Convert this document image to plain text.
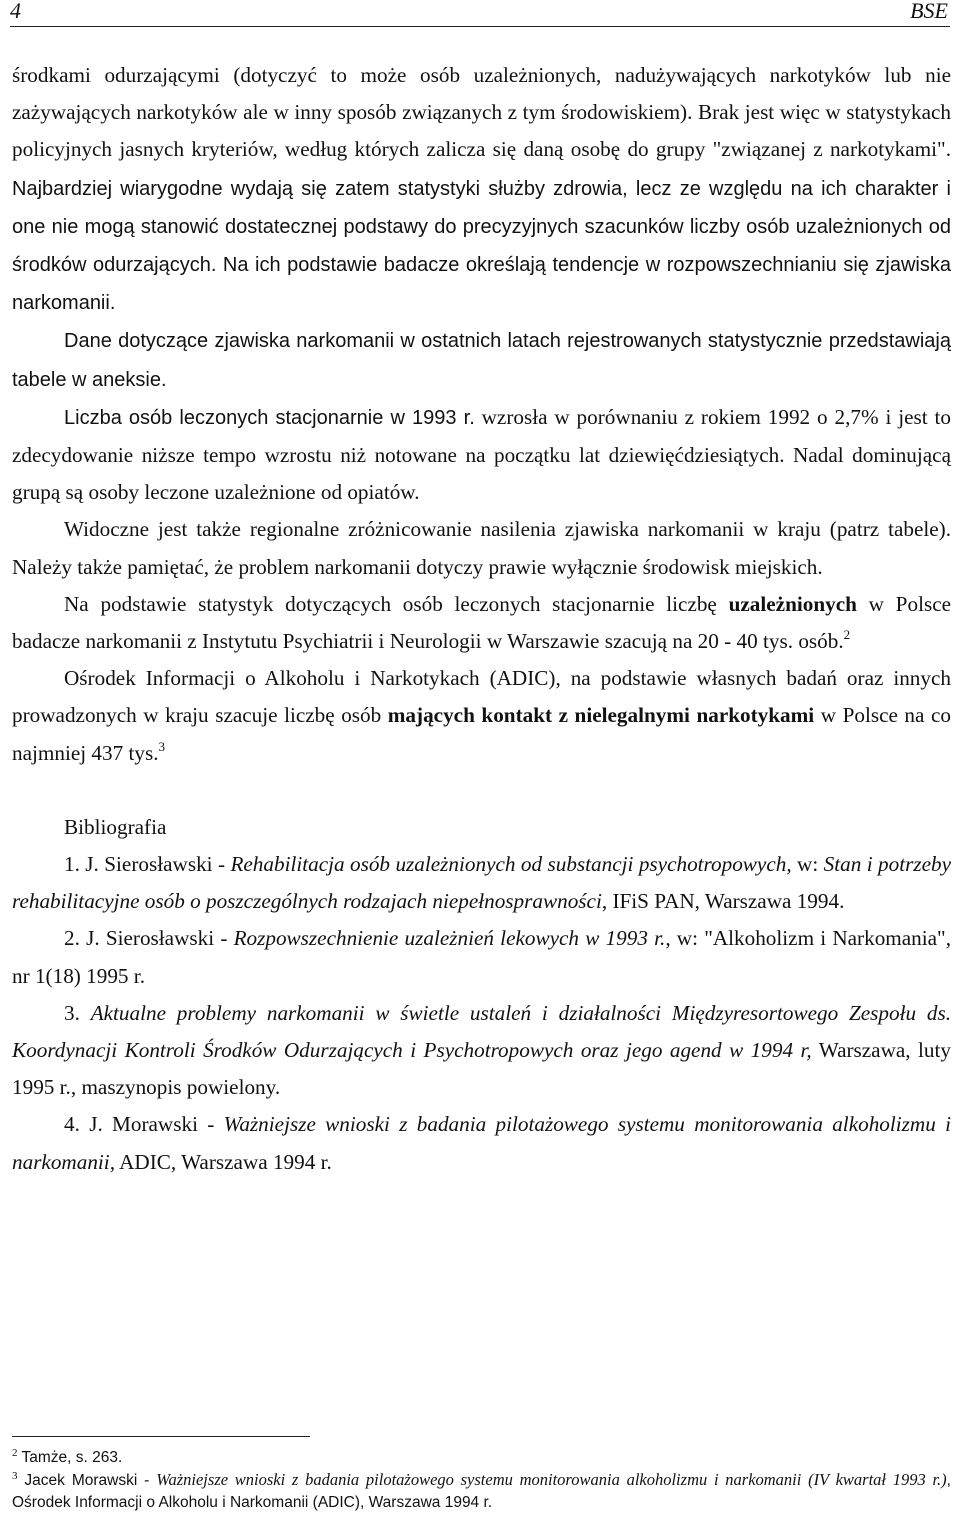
4	BSE

środkami odurzającymi (dotyczyć to może osób uzależnionych, nadużywających narkotyków lub nie zażywających narkotyków ale w inny sposób związanych z tym środowiskiem). Brak jest więc w statystykach policyjnych jasnych kryteriów, według których zalicza się daną osobę do grupy "związanej z narkotykami". Najbardziej wiarygodne wydają się zatem statystyki służby zdrowia, lecz ze względu na ich charakter i one nie mogą stanowić dostatecznej podstawy do precyzyjnych szacunków liczby osób uzależnionych od środków odurzających. Na ich podstawie badacze określają tendencje w rozpowszechnianiu się zjawiska narkomanii.

Dane dotyczące zjawiska narkomanii w ostatnich latach rejestrowanych statystycznie przedstawiają tabele w aneksie.

Liczba osób leczonych stacjonarnie w 1993 r. wzrosła w porównaniu z rokiem 1992 o 2,7% i jest to zdecydowanie niższe tempo wzrostu niż notowane na początku lat dziewięćdziesiątych. Nadal dominującą grupą są osoby leczone uzależnione od opiatów.

Widoczne jest także regionalne zróżnicowanie nasilenia zjawiska narkomanii w kraju (patrz tabele). Należy także pamiętać, że problem narkomanii dotyczy prawie wyłącznie środowisk miejskich.

Na podstawie statystyk dotyczących osób leczonych stacjonarnie liczbę uzależnionych w Polsce badacze narkomanii z Instytutu Psychiatrii i Neurologii w Warszawie szacują na 20 - 40 tys. osób.$^2$

Ośrodek Informacji o Alkoholu i Narkotykach (ADIC), na podstawie własnych badań oraz innych prowadzonych w kraju szacuje liczbę osób mających kontakt z nielegalnymi narkotykami w Polsce na co najmniej 437 tys.$^3$

Bibliografia

1. J. Sierosławski - Rehabilitacja osób uzależnionych od substancji psychotropowych, w: Stan i potrzeby rehabilitacyjne osób o poszczególnych rodzajach niepełnosprawności, IFiS PAN, Warszawa 1994.

2. J. Sierosławski - Rozpowszechnienie uzależnień lekowych w 1993 r., w: "Alkoholizm i Narkomania", nr 1(18) 1995 r.

3. Aktualne problemy narkomanii w świetle ustaleń i działalności Międzyresortowego Zespołu ds. Koordynacji Kontroli Środków Odurzających i Psychotropowych oraz jego agend w 1994 r, Warszawa, luty 1995 r., maszynopis powielony.

4. J. Morawski - Ważniejsze wnioski z badania pilotażowego systemu monitorowania alkoholizmu i narkomanii, ADIC, Warszawa 1994 r.

$^2$ Tamże, s. 263.
$^3$ Jacek Morawski - Ważniejsze wnioski z badania pilotażowego systemu monitorowania alkoholizmu i narkomanii (IV kwartał 1993 r.), Ośrodek Informacji o Alkoholu i Narkomanii (ADIC), Warszawa 1994 r.
